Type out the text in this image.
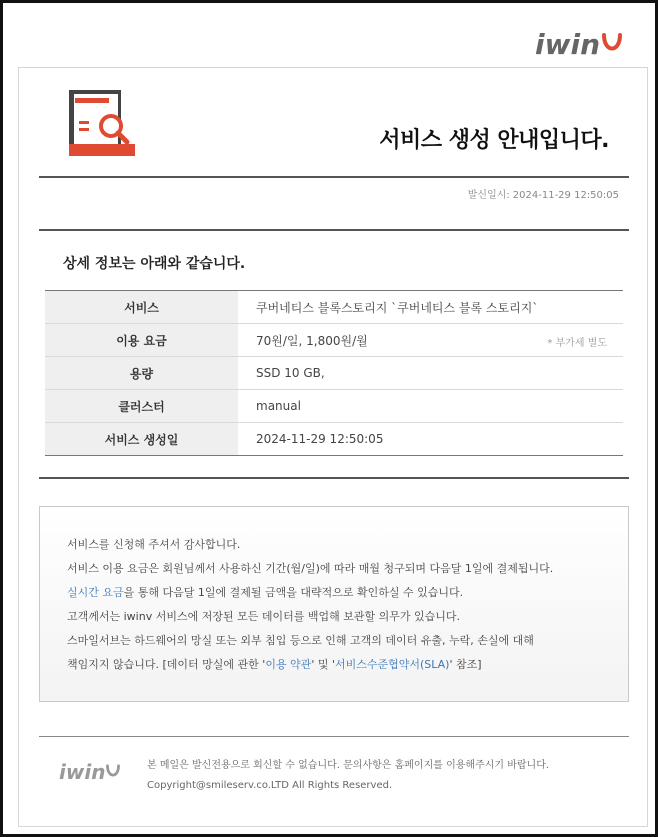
iwin
서비스 생성 안내입니다.
발신일시: 2024-11-29 12:50:05
상세 정보는 아래와 같습니다.
서비스	쿠버네티스 블록스토리지 `쿠버네티스 블록 스토리지`
이용 요금	70원/일, 1,800원/월 * 부가세 별도

용량	SSD 10 GB,
클러스터	manual
서비스 생성일	2024-11-29 12:50:05

서비스를 신청해 주셔서 감사합니다.

서비스 이용 요금은 회원님께서 사용하신 기간(월/일)에 따라 매월 청구되며 다음달 1일에 결제됩니다.

실시간 요금을 통해 다음달 1일에 결제될 금액을 대략적으로 확인하실 수 있습니다.

고객께서는 iwinv 서비스에 저장된 모든 데이터를 백업해 보관할 의무가 있습니다.

스마일서브는 하드웨어의 망실 또는 외부 침입 등으로 인해 고객의 데이터 유출, 누락, 손실에 대해

책임지지 않습니다. [데이터 망실에 관한 '이용 약관' 및 '서비스수준협약서(SLA)' 참조]

iwin	본 메일은 발신전용으로 회신할 수 없습니다. 문의사항은 홈페이지를 이용해주시기 바랍니다.
Copyright@smileserv.co.LTD All Rights Reserved.
